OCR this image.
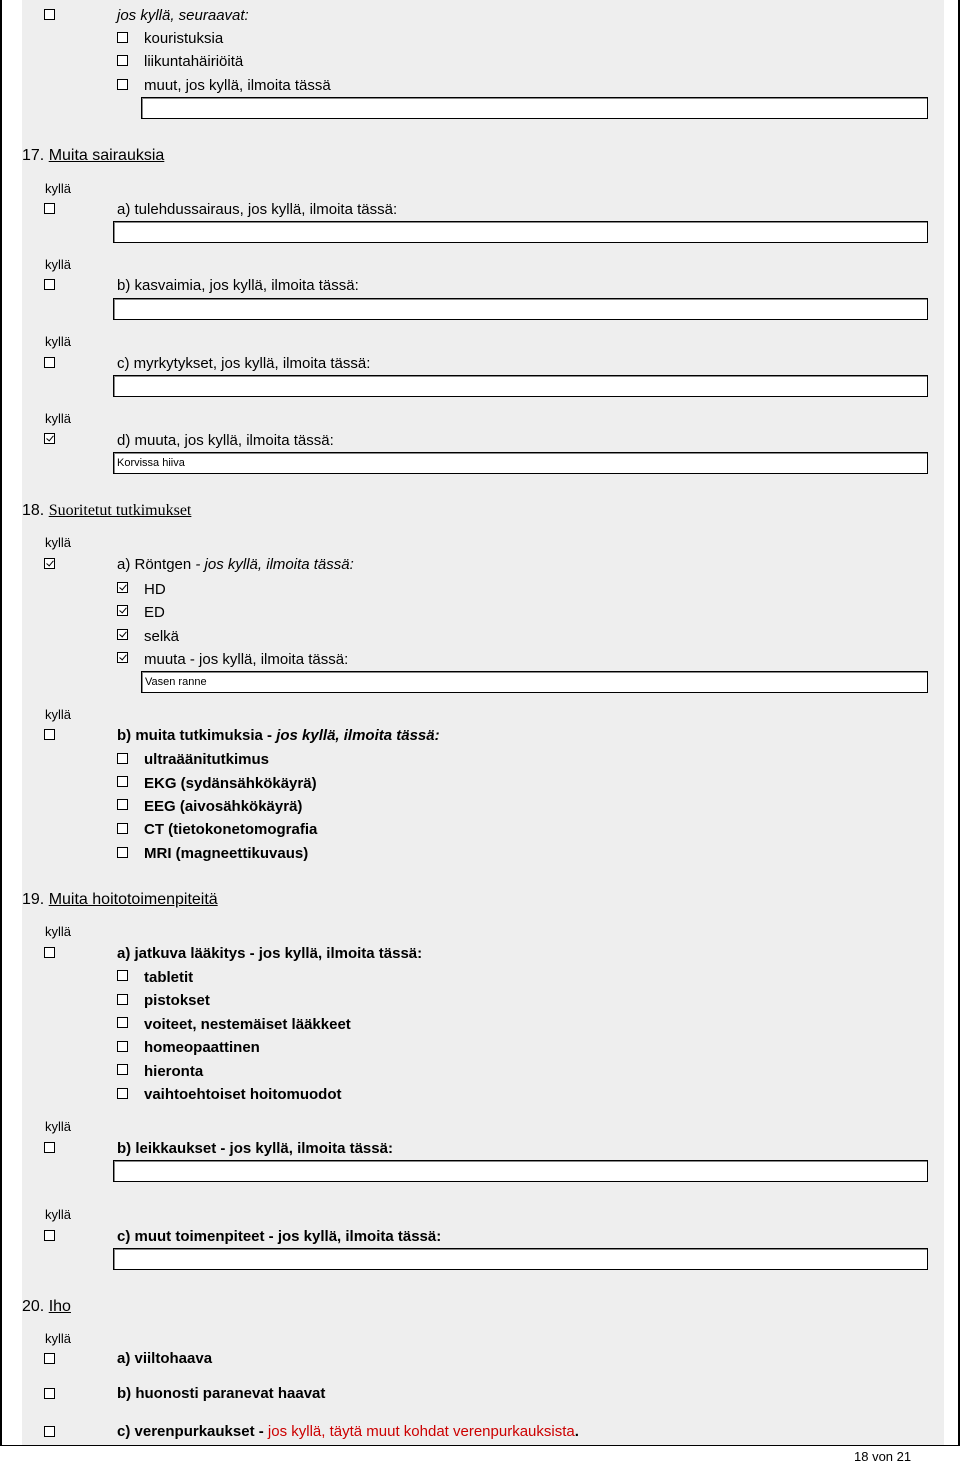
jos kyllä, seuraavat:
kouristuksia
liikuntahäiriöitä
muut, jos kyllä, ilmoita tässä
17. Muita sairauksia
kyllä
a) tulehdussairaus, jos kyllä, ilmoita tässä:
kyllä
b) kasvaimia, jos kyllä, ilmoita tässä:
kyllä
c) myrkytykset, jos kyllä, ilmoita tässä:
kyllä
d) muuta, jos kyllä, ilmoita tässä:
Korvissa hiiva
18. Suoritetut tutkimukset
kyllä
a) Röntgen - jos kyllä, ilmoita tässä:
HD
ED
selkä
muuta - jos kyllä, ilmoita tässä:
Vasen ranne
kyllä
b) muita tutkimuksia - jos kyllä, ilmoita tässä:
ultraäänitutkimus
EKG (sydänsähkökäyrä)
EEG (aivosähkökäyrä)
CT (tietokonetomografia
MRI (magneettikuvaus)
19. Muita hoitotoimenpiteitä
kyllä
a) jatkuva lääkitys - jos kyllä, ilmoita tässä:
tabletit
pistokset
voiteet, nestemäiset lääkkeet
homeopaattinen
hieronta
vaihtoehtoiset hoitomuodot
kyllä
b) leikkaukset - jos kyllä, ilmoita tässä:
kyllä
c) muut toimenpiteet - jos kyllä, ilmoita tässä:
20. Iho
kyllä
a) viiltohaava
b) huonosti paranevat haavat
c) verenpurkaukset - jos kyllä, täytä muut kohdat verenpurkauksista.
18 von 21
